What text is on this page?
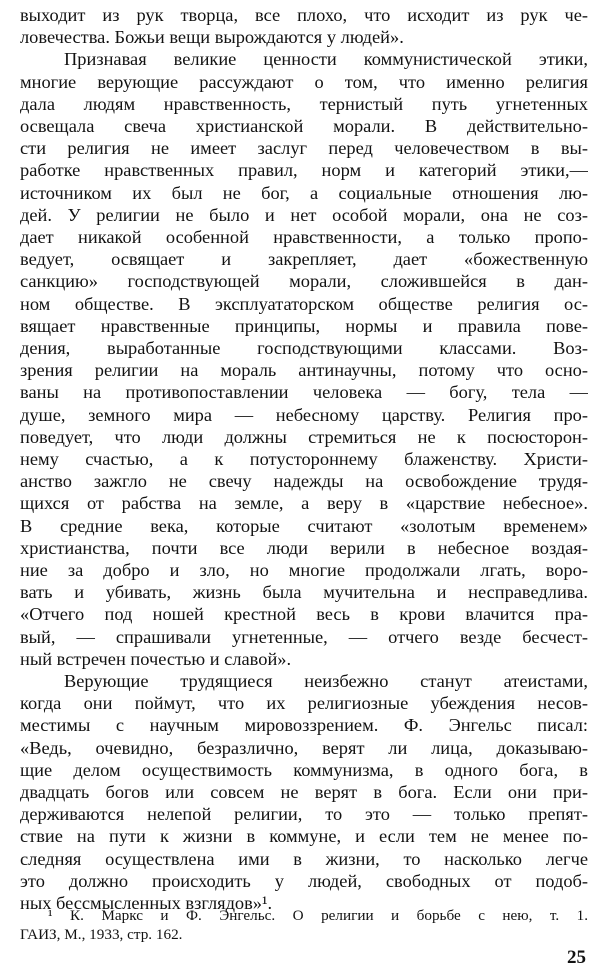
выходит из рук творца, все плохо, что исходит из рук че-

ловечества. Божьи вещи вырождаются у людей».

Признавая великие ценности коммунистической этики,

многие верующие рассуждают о том, что именно религия

дала людям нравственность, тернистый путь угнетенных

освещала свеча христианской морали. В действительно-

сти религия не имеет заслуг перед человечеством в вы-

работке нравственных правил, норм и категорий этики,—

источником их был не бог, а социальные отношения лю-

дей. У религии не было и нет особой морали, она не соз-

дает никакой особенной нравственности, а только пропо-

ведует, освящает и закрепляет, дает «божественную

санкцию» господствующей морали, сложившейся в дан-

ном обществе. В эксплуататорском обществе религия ос-

вящает нравственные принципы, нормы и правила пове-

дения, выработанные господствующими классами. Воз-

зрения религии на мораль антинаучны, потому что осно-

ваны на противопоставлении человека — богу, тела —

душе, земного мира — небесному царству. Религия про-

поведует, что люди должны стремиться не к посюсторон-

нему счастью, а к потустороннему блаженству. Христи-

анство зажгло не свечу надежды на освобождение трудя-

щихся от рабства на земле, а веру в «царствие небесное».

В средние века, которые считают «золотым временем»

христианства, почти все люди верили в небесное воздая-

ние за добро и зло, но многие продолжали лгать, воро-

вать и убивать, жизнь была мучительна и несправедлива.

«Отчего под ношей крестной весь в крови влачится пра-

вый, — спрашивали угнетенные, — отчего везде бесчест-

ный встречен почестью и славой».

Верующие трудящиеся неизбежно станут атеистами,

когда они поймут, что их религиозные убеждения несов-

местимы с научным мировоззрением. Ф. Энгельс писал:

«Ведь, очевидно, безразлично, верят ли лица, доказываю-

щие делом осуществимость коммунизма, в одного бога, в

двадцать богов или совсем не верят в бога. Если они при-

держиваются нелепой религии, то это — только препят-

ствие на пути к жизни в коммуне, и если тем не менее по-

следняя осуществлена ими в жизни, то насколько легче

это должно происходить у людей, свободных от подоб-

ных бессмысленных взглядов»¹.

¹ К. Маркс и Ф. Энгельс. О религии и борьбе с нею, т. 1.

ГАИЗ, М., 1933, стр. 162.

25
